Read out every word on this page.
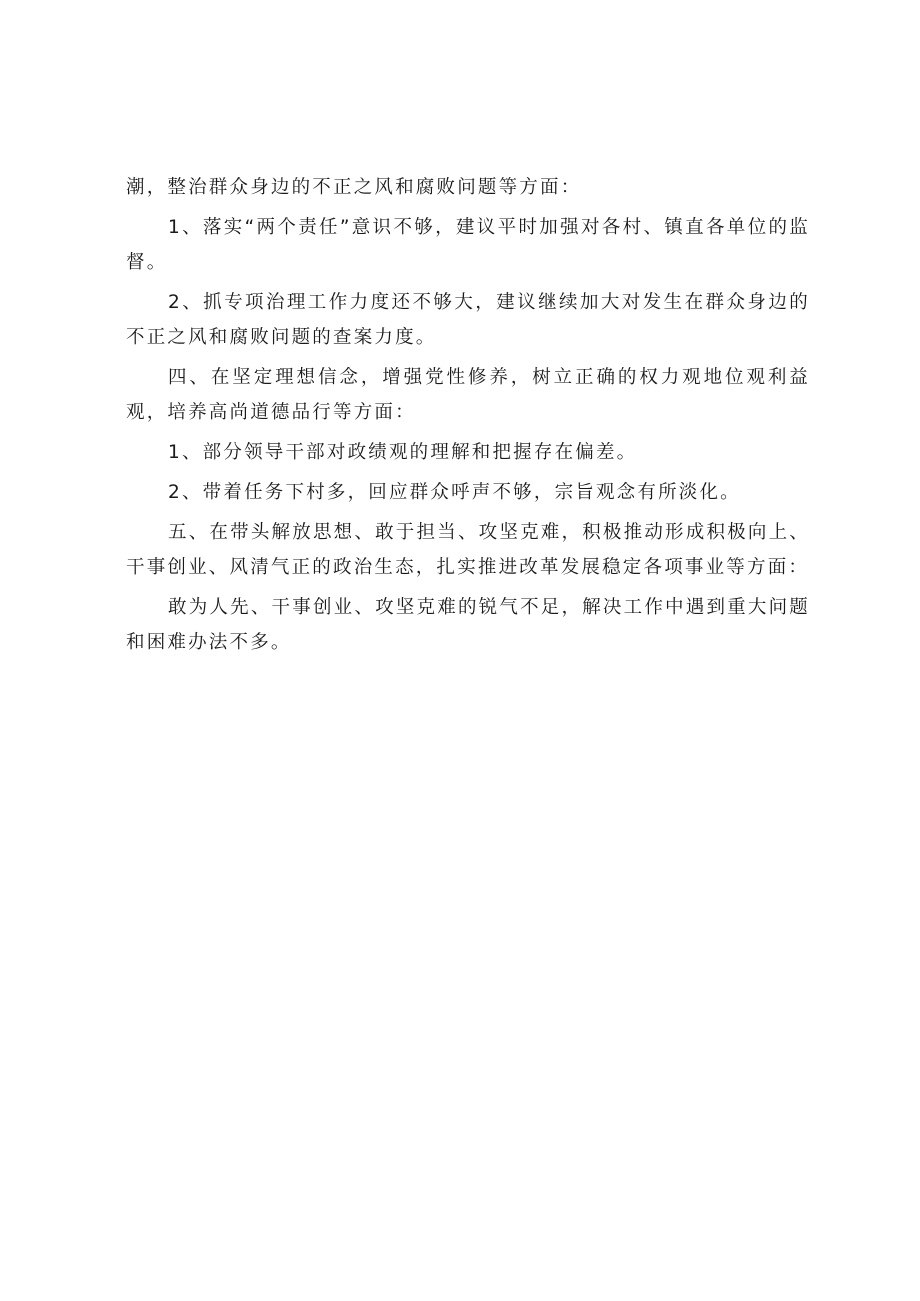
潮，整治群众身边的不正之风和腐败问题等方面：

1、落实“两个责任”意识不够，建议平时加强对各村、镇直各单位的监督。

2、抓专项治理工作力度还不够大，建议继续加大对发生在群众身边的不正之风和腐败问题的查案力度。

四、在坚定理想信念，增强党性修养，树立正确的权力观地位观利益观，培养高尚道德品行等方面：

1、部分领导干部对政绩观的理解和把握存在偏差。

2、带着任务下村多，回应群众呼声不够，宗旨观念有所淡化。

五、在带头解放思想、敢于担当、攻坚克难，积极推动形成积极向上、干事创业、风清气正的政治生态，扎实推进改革发展稳定各项事业等方面：

敢为人先、干事创业、攻坚克难的锐气不足，解决工作中遇到重大问题和困难办法不多。
